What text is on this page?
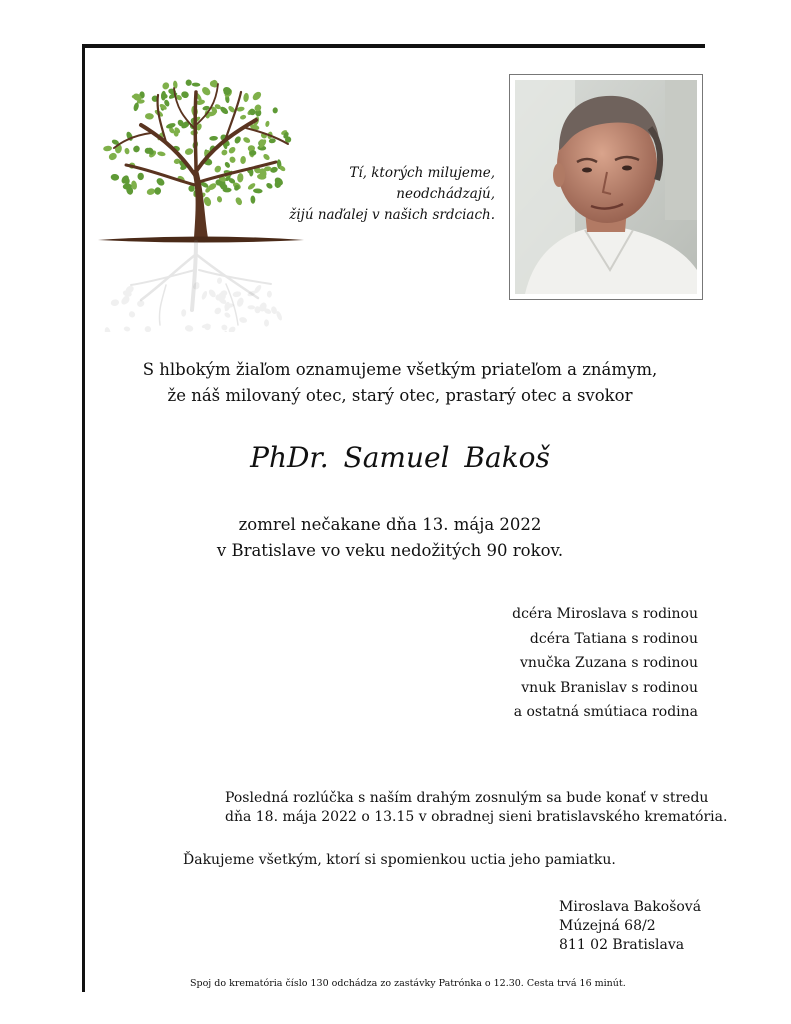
Tí, ktorých milujeme,
neodchádzajú,
žijú naďalej v našich srdciach.
S hlbokým žiaľom oznamujeme všetkým priateľom a známym,
že náš milovaný otec, starý otec, prastarý otec a svokor
PhDr. Samuel Bakoš
zomrel nečakane dňa 13. mája 2022
v Bratislave vo veku nedožitých 90 rokov.
dcéra Miroslava s rodinou
dcéra Tatiana s rodinou
vnučka Zuzana s rodinou
vnuk Branislav s rodinou
a ostatná smútiaca rodina
Posledná rozlúčka s naším drahým zosnulým sa bude konať v stredu
dňa 18. mája 2022 o 13.15 v obradnej sieni bratislavského krematória.
Ďakujeme všetkým, ktorí si spomienkou uctia jeho pamiatku.
Miroslava Bakošová
Múzejná 68/2
811 02 Bratislava
Spoj do krematória číslo 130 odchádza zo zastávky Patrónka o 12.30. Cesta trvá 16 minút.
